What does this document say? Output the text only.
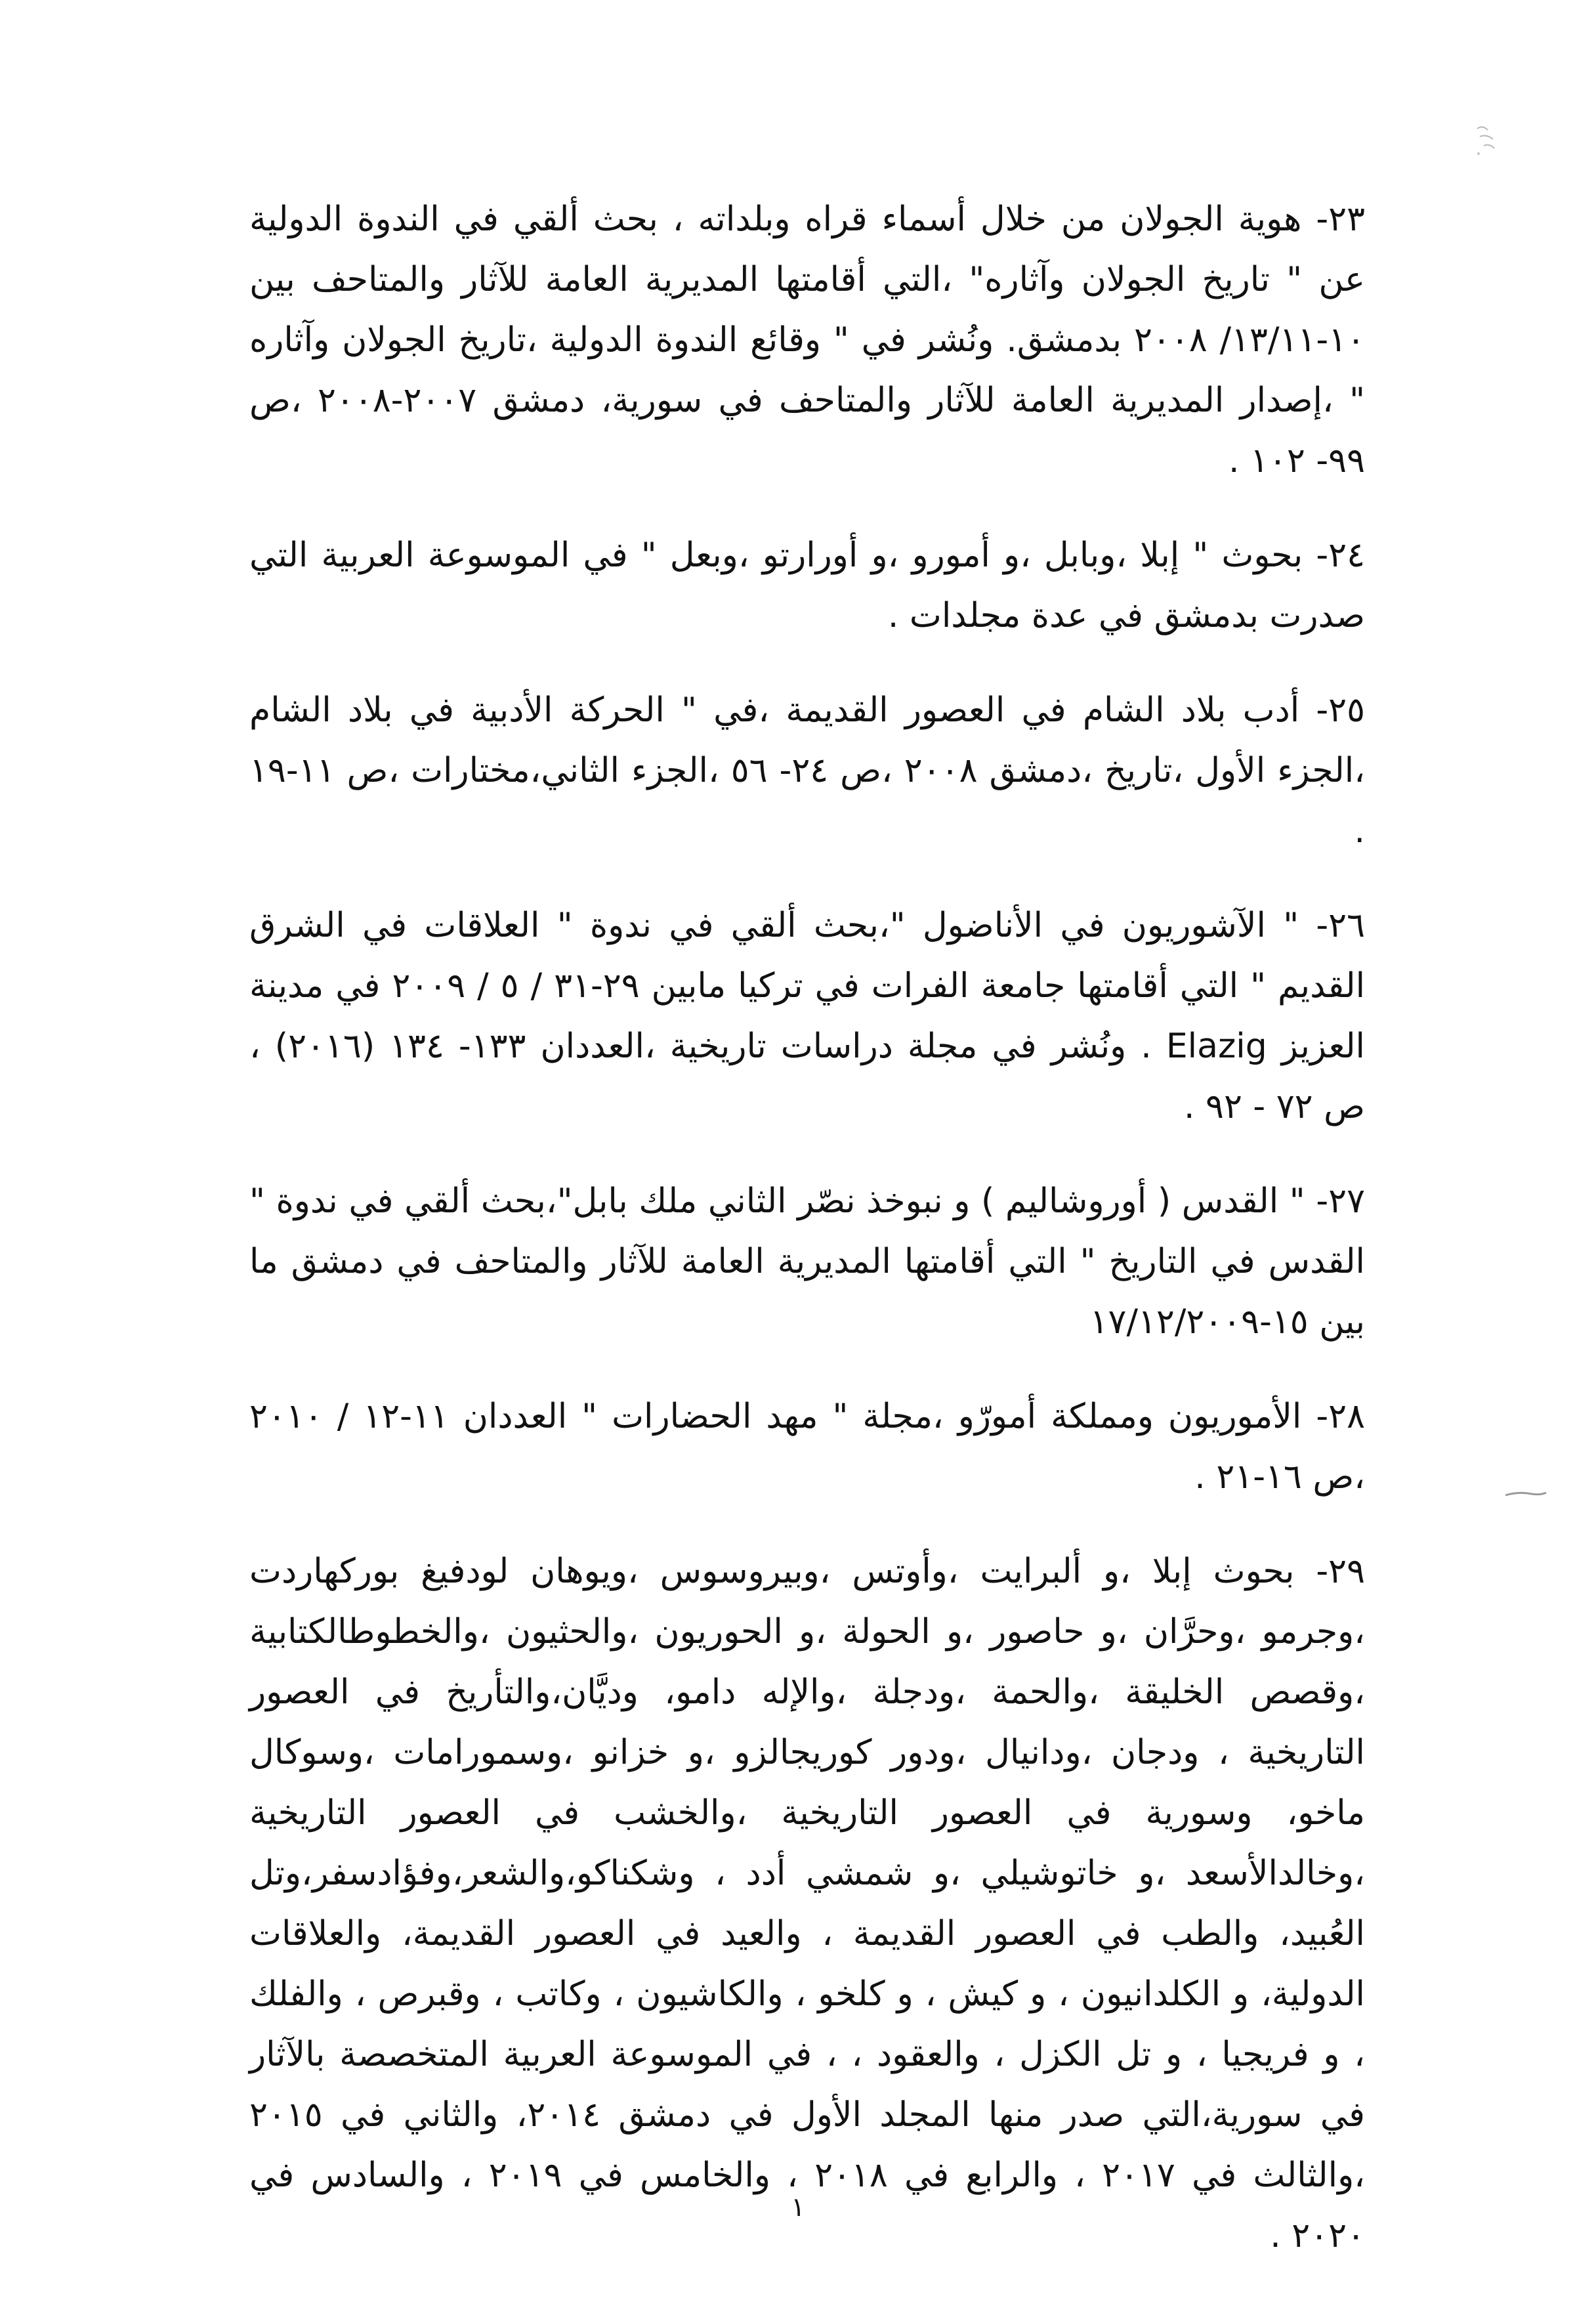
٢٣- هوية الجولان من خلال أسماء قراه وبلداته ، بحث ألقي في الندوة الدولية عن " تاريخ الجولان وآثاره" ،التي أقامتها المديرية العامة للآثار والمتاحف بين ١٠-١٣/١١/ ٢٠٠٨ بدمشق. ونُشر في " وقائع الندوة الدولية ،تاريخ الجولان وآثاره " ،إصدار المديرية العامة للآثار والمتاحف في سورية، دمشق ٢٠٠٧-٢٠٠٨ ،ص ٩٩- ١٠٢ .

٢٤- بحوث " إبلا ،وبابل ،و أمورو ،و أورارتو ،وبعل " في الموسوعة العربية التي صدرت بدمشق في عدة مجلدات .

٢٥- أدب بلاد الشام في العصور القديمة ،في " الحركة الأدبية في بلاد الشام ،الجزء الأول ،تاريخ ،دمشق ٢٠٠٨ ،ص ٢٤- ٥٦ ،الجزء الثاني،مختارات ،ص ١١-١٩ .

٢٦- " الآشوريون في الأناضول "،بحث ألقي في ندوة " العلاقات في الشرق القديم " التي أقامتها جامعة الفرات في تركيا مابين ٢٩-٣١ / ٥ / ٢٠٠٩ في مدينة العزيز Elazig . ونُشر في مجلة دراسات تاريخية ،العددان ١٣٣- ١٣٤ (٢٠١٦) ، ص ٧٢ - ٩٢ .

٢٧- " القدس ( أوروشاليم ) و نبوخذ نصّر الثاني ملك بابل"،بحث ألقي في ندوة " القدس في التاريخ " التي أقامتها المديرية العامة للآثار والمتاحف في دمشق ما بين ١٥-١٧/١٢/٢٠٠٩

٢٨- الأموريون ومملكة أمورّو ،مجلة " مهد الحضارات " العددان ١١-١٢ / ٢٠١٠ ،ص ١٦-٢١ .

٢٩- بحوث إبلا ،و ألبرايت ،وأوتس ،وبيروسوس ،ويوهان لودفيغ بوركهاردت ،وجرمو ،وحرَّان ،و حاصور ،و الحولة ،و الحوريون ،والحثيون ،والخطوطالكتابية ،وقصص الخليقة ،والحمة ،ودجلة ،والإله دامو، وديَّان،والتأريخ في العصور التاريخية ، ودجان ،ودانيال ،ودور كوريجالزو ،و خزانو ،وسمورامات ،وسوكال ماخو، وسورية في العصور التاريخية ،والخشب في العصور التاريخية ،وخالدالأسعد ،و خاتوشيلي ،و شمشي أدد ، وشكناكو،والشعر،وفؤادسفر،وتل العُبيد، والطب في العصور القديمة ، والعيد في العصور القديمة، والعلاقات الدولية، و الكلدانيون ، و كيش ، و كلخو ، والكاشيون ، وكاتب ، وقبرص ، والفلك ، و فريجيا ، و تل الكزل ، والعقود ، ، في الموسوعة العربية المتخصصة بالآثار في سورية،التي صدر منها المجلد الأول في دمشق ٢٠١٤، والثاني في ٢٠١٥ ،والثالث في ٢٠١٧ ، والرابع في ٢٠١٨ ، والخامس في ٢٠١٩ ، والسادس في ٢٠٢٠ .

١
